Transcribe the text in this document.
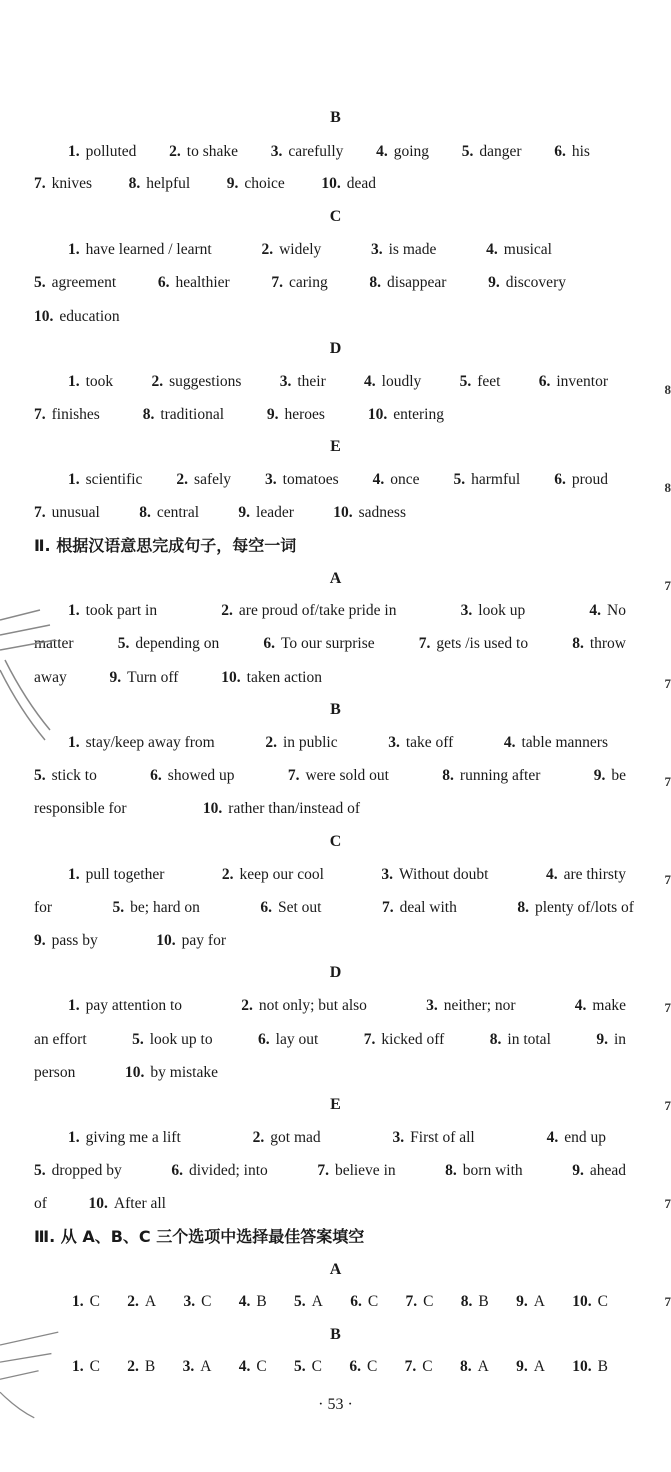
B
1. polluted 2. to shake 3. carefully 4. going 5. danger 6. his
7. knives 8. helpful 9. choice 10. dead
C
1. have learned / learnt	2. widely	3. is made	4. musical
5. agreement	6. healthier	7. caring	8. disappear	9. discovery
10. education
D
1. took 2. suggestions 3. their 4. loudly 5. feet 6. inventor
7. finishes	8. traditional	9. heroes	10. entering
E
1. scientific 2. safely 3. tomatoes 4. once 5. harmful 6. proud
7. unusual	8. central	9. leader	10. sadness
Ⅱ. 根据汉语意思完成句子，每空一词
A
1. took part in	2. are proud of/take pride in	3. look up	4. No
matter	5. depending on	6. To our surprise	7. gets /is used to	8. throw
away	9. Turn off	10. taken action
B
1. stay/keep away from	2. in public	3. take off	4. table manners
5. stick to	6. showed up	7. were sold out	8. running after	9. be
responsible for	10. rather than/instead of
C
1. pull together	2. keep our cool	3. Without doubt	4. are thirsty
for	5. be; hard on	6. Set out	7. deal with	8. plenty of/lots of
9. pass by	10. pay for
D
1. pay attention to	2. not only; but also	3. neither; nor	4. make
an effort	5. look up to	6. lay out	7. kicked off	8. in total	9. in
person	10. by mistake
E
1. giving me a lift	2. got mad	3. First of all	4. end up
5. dropped by	6. divided; into	7. believe in	8. born with	9. ahead
of	10. After all
Ⅲ. 从 A、B、C 三个选项中选择最佳答案填空
A
1. C 2. A 3. C 4. B 5. A 6. C 7. C 8. B 9. A 10. C
B
1. C 2. B 3. A 4. C 5. C 6. C 7. C 8. A 9. A 10. B
· 53 ·
8
8
7
7
7
7
7
7
7
7
